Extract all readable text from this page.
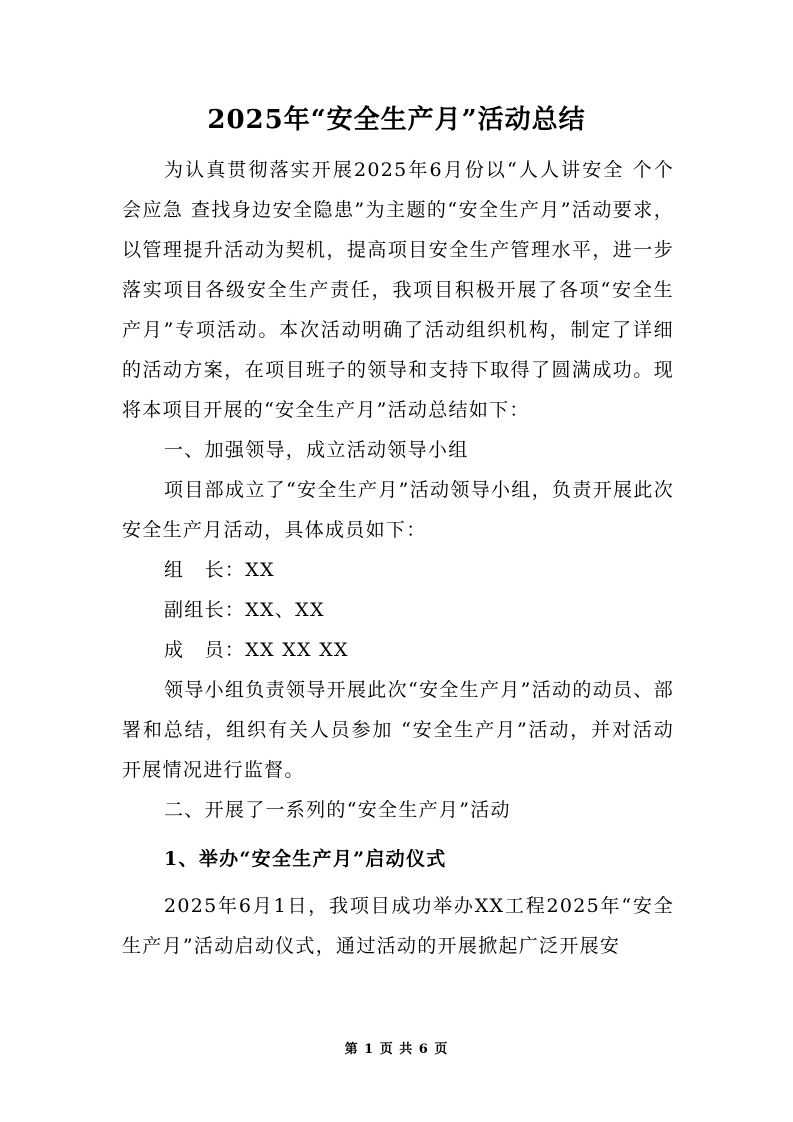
2025年“安全生产月”活动总结

为认真贯彻落实开展2025年6月份以“人人讲安全 个个会应急 查找身边安全隐患”为主题的“安全生产月”活动要求，以管理提升活动为契机，提高项目安全生产管理水平，进一步落实项目各级安全生产责任，我项目积极开展了各项“安全生产月”专项活动。本次活动明确了活动组织机构，制定了详细的活动方案，在项目班子的领导和支持下取得了圆满成功。现将本项目开展的“安全生产月”活动总结如下：

一、加强领导，成立活动领导小组

项目部成立了“安全生产月”活动领导小组，负责开展此次安全生产月活动，具体成员如下：

组　长：XX

副组长：XX、XX

成　员：XX XX XX

领导小组负责领导开展此次“安全生产月”活动的动员、部署和总结，组织有关人员参加 “安全生产月”活动，并对活动开展情况进行监督。

二、开展了一系列的“安全生产月”活动

1、举办“安全生产月”启动仪式

2025年6月1日，我项目成功举办XX工程2025年“安全生产月”活动启动仪式，通过活动的开展掀起广泛开展安

第 1 页 共 6 页
